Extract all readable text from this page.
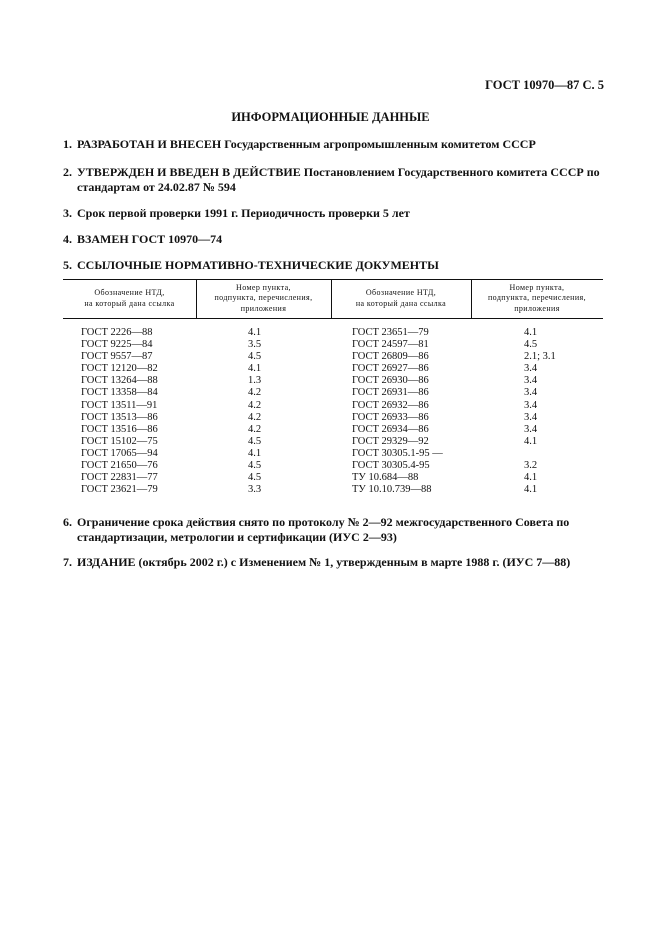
ГОСТ 10970—87 С. 5
ИНФОРМАЦИОННЫЕ ДАННЫЕ
1. РАЗРАБОТАН И ВНЕСЕН Государственным агропромышленным комитетом СССР
2. УТВЕРЖДЕН И ВВЕДЕН В ДЕЙСТВИЕ Постановлением Государственного комитета СССР по
стандартам от 24.02.87 № 594
3. Срок первой проверки 1991 г. Периодичность проверки 5 лет
4. ВЗАМЕН ГОСТ 10970—74
5. ССЫЛОЧНЫЕ НОРМАТИВНО-ТЕХНИЧЕСКИЕ ДОКУМЕНТЫ
Обозначение НТД,
на который дана ссылка
Номер пункта,
подпункта, перечисления,
приложения
Обозначение НТД,
на который дана ссылка
Номер пункта,
подпункта, перечисления,
приложения
ГОСТ 2226—88
ГОСТ 9225—84
ГОСТ 9557—87
ГОСТ 12120—82
ГОСТ 13264—88
ГОСТ 13358—84
ГОСТ 13511—91
ГОСТ 13513—86
ГОСТ 13516—86
ГОСТ 15102—75
ГОСТ 17065—94
ГОСТ 21650—76
ГОСТ 22831—77
ГОСТ 23621—79
4.1
3.5
4.5
4.1
1.3
4.2
4.2
4.2
4.2
4.5
4.1
4.5
4.5
3.3
ГОСТ 23651—79
ГОСТ 24597—81
ГОСТ 26809—86
ГОСТ 26927—86
ГОСТ 26930—86
ГОСТ 26931—86
ГОСТ 26932—86
ГОСТ 26933—86
ГОСТ 26934—86
ГОСТ 29329—92
ГОСТ 30305.1-95 —
ГОСТ 30305.4-95
ТУ 10.684—88
ТУ 10.10.739—88
4.1
4.5
2.1; 3.1
3.4
3.4
3.4
3.4
3.4
3.4
4.1
3.2
4.1
4.1
6. Ограничение срока действия снято по протоколу № 2—92 межгосударственного Совета по
стандартизации, метрологии и сертификации (ИУС 2—93)
7. ИЗДАНИЕ (октябрь 2002 г.) с Изменением № 1, утвержденным в марте 1988 г. (ИУС 7—88)
